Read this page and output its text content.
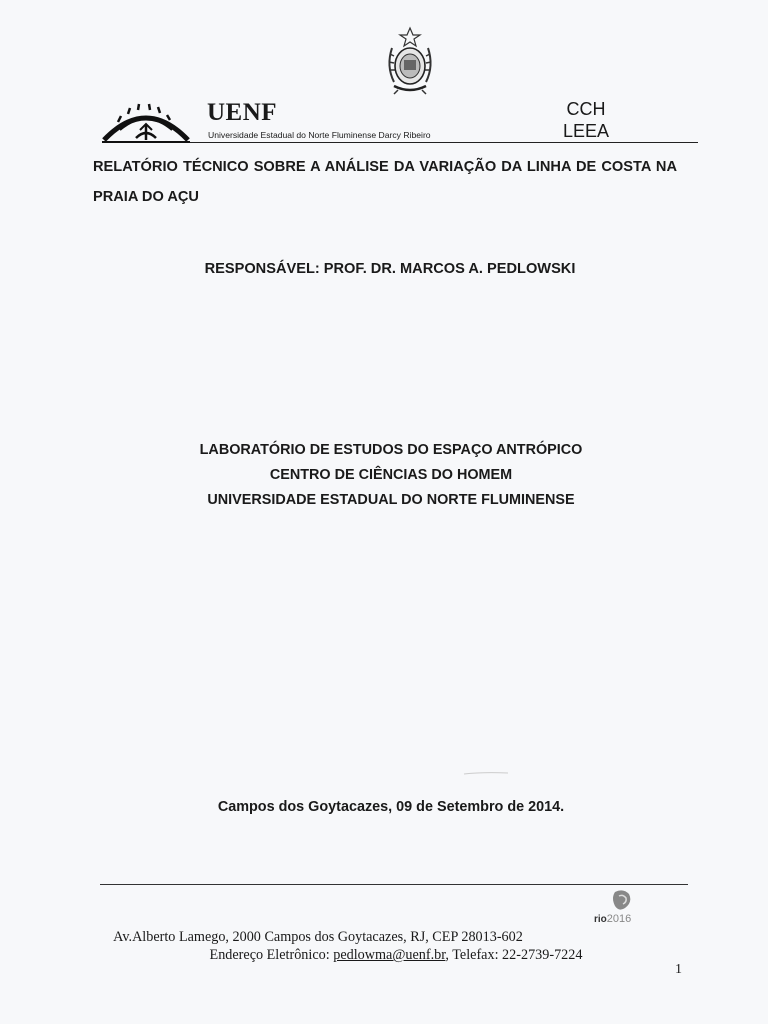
UENF
Universidade Estadual do Norte Fluminense Darcy Ribeiro
CCH
LEEA
RELATÓRIO TÉCNICO SOBRE A ANÁLISE DA VARIAÇÃO DA LINHA DE COSTA NA PRAIA DO AÇU
RESPONSÁVEL: PROF. DR. MARCOS A. PEDLOWSKI
LABORATÓRIO DE ESTUDOS DO ESPAÇO ANTRÓPICO
CENTRO DE CIÊNCIAS DO HOMEM
UNIVERSIDADE ESTADUAL DO NORTE FLUMINENSE
Campos dos Goytacazes, 09 de Setembro de 2014.
rio2016
Av.Alberto Lamego, 2000 Campos dos Goytacazes, RJ, CEP 28013-602
Endereço Eletrônico: pedlowma@uenf.br, Telefax: 22-2739-7224
1
